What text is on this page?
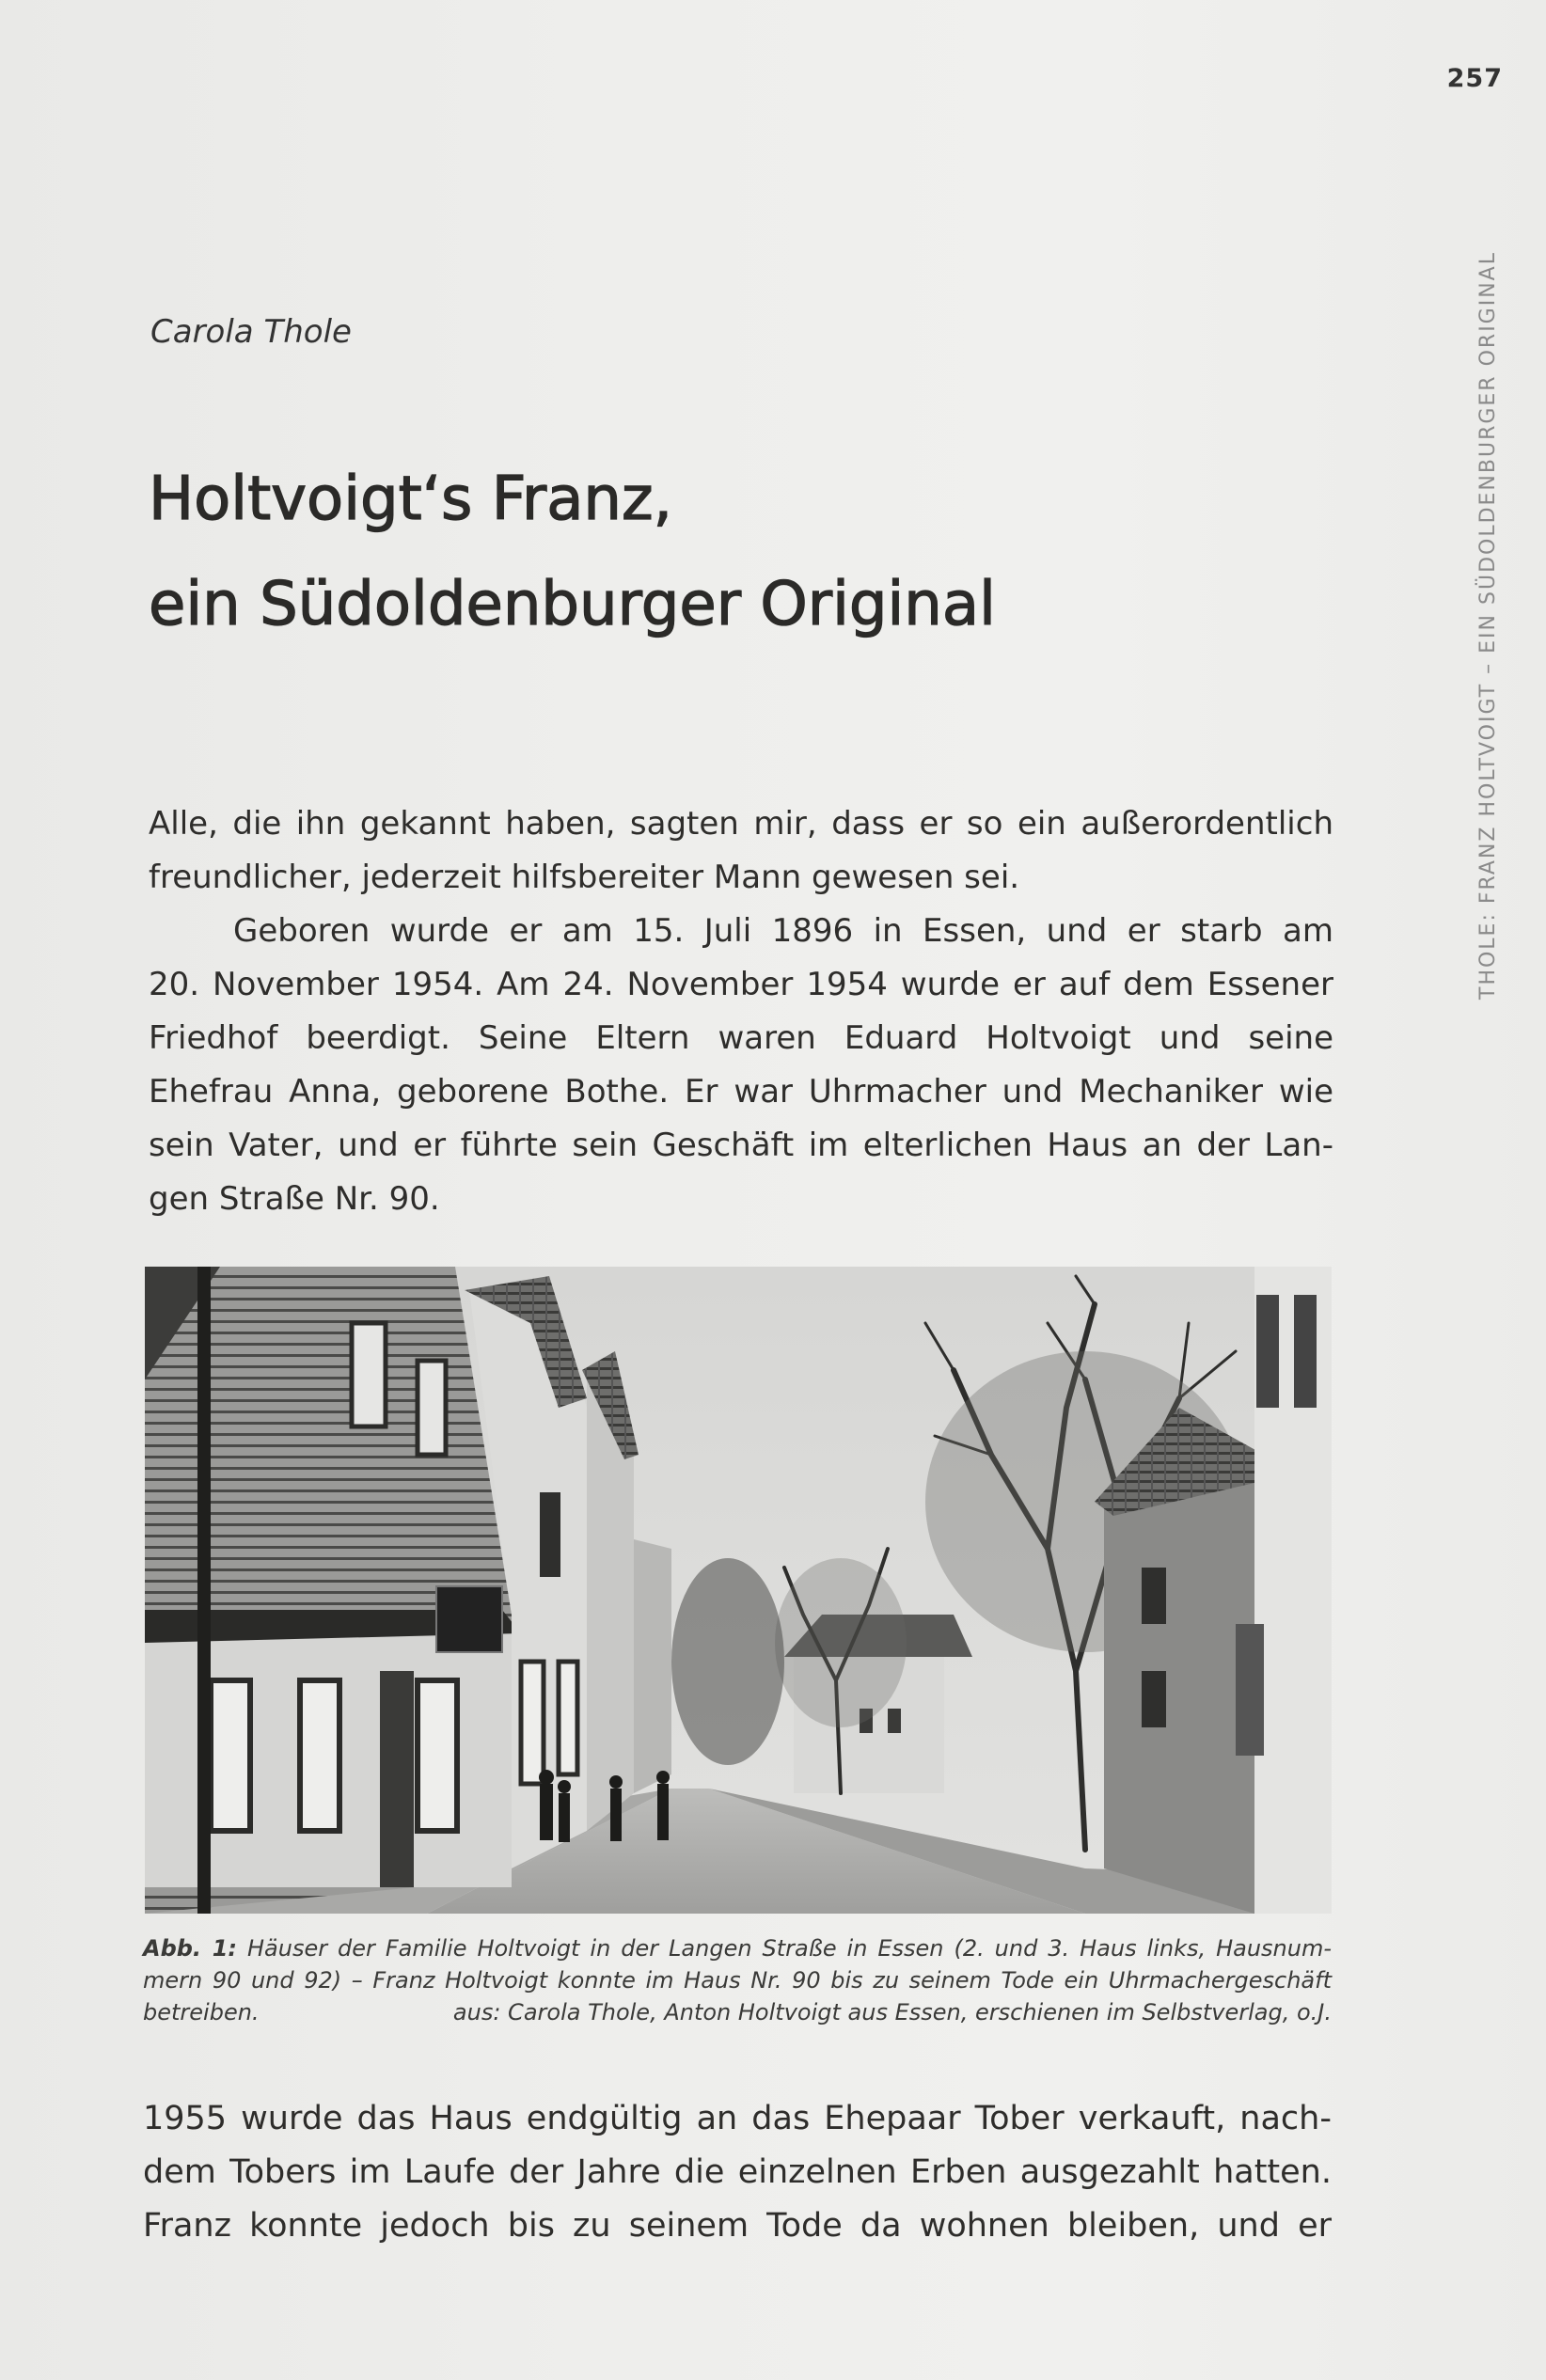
257
THOLE: FRANZ HOLTVOIGT – EIN SÜDOLDENBURGER ORIGINAL
Carola Thole
Holtvoigt‘s Franz,
ein Südoldenburger Original

Alle, die ihn gekannt haben, sagten mir, dass er so ein außerordentlich
freundlicher, jederzeit hilfsbereiter Mann gewesen sei.

Geboren wurde er am 15. Juli 1896 in Essen, und er starb am
20. November 1954. Am 24. November 1954 wurde er auf dem Essener
Friedhof beerdigt. Seine Eltern waren Eduard Holtvoigt und seine
Ehefrau Anna, geborene Bothe. Er war Uhrmacher und Mechaniker wie
sein Vater, und er führte sein Geschäft im elterlichen Haus an der Lan-
gen Straße Nr. 90.

Abb. 1: Häuser der Familie Holtvoigt in der Langen Straße in Essen (2. und 3. Haus links, Hausnum-
mern 90 und 92) – Franz Holtvoigt konnte im Haus Nr. 90 bis zu seinem Tode ein Uhrmachergeschäft
betreiben.	aus: Carola Thole, Anton Holtvoigt aus Essen, erschienen im Selbstverlag, o.J.

1955 wurde das Haus endgültig an das Ehepaar Tober verkauft, nach-
dem Tobers im Laufe der Jahre die einzelnen Erben ausgezahlt hatten.
Franz konnte jedoch bis zu seinem Tode da wohnen bleiben, und er
